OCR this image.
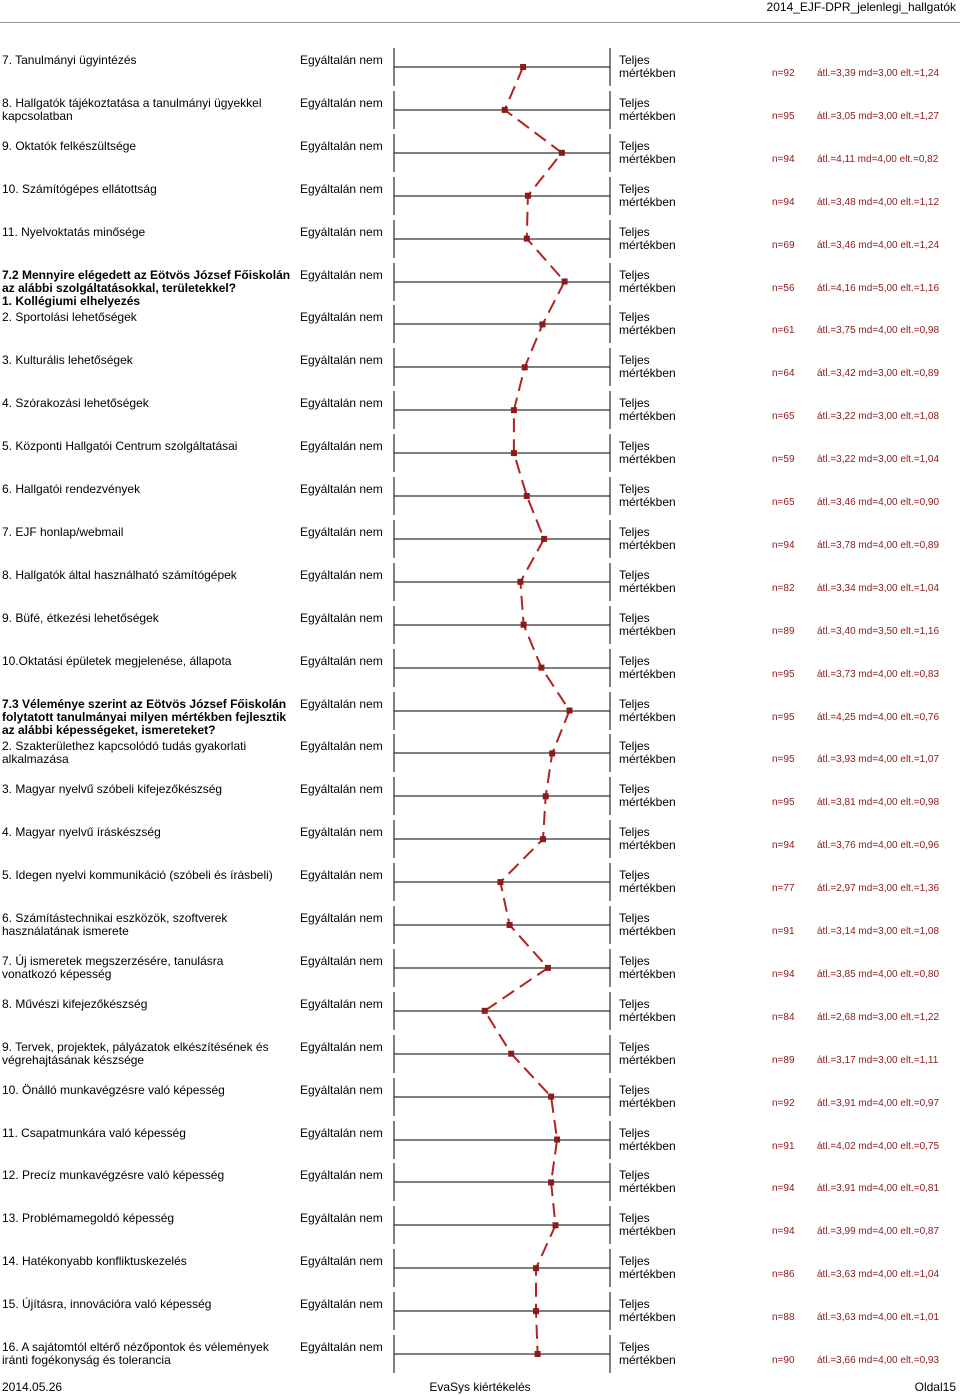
2014_EJF-DPR_jelenlegi_hallgatók
7. Tanulmányi ügyintézés	Egyáltalán nem	Teljes
mértékben	n=92 átl.=3,39 md=3,00 elt.=1,24
8. Hallgatók tájékoztatása a tanulmányi ügyekkel
kapcsolatban
Egyáltalán nem	Teljes
mértékben	n=95 átl.=3,05 md=3,00 elt.=1,27
9. Oktatók felkészültsége	Egyáltalán nem	Teljes
mértékben	n=94 átl.=4,11 md=4,00 elt.=0,82
10. Számítógépes ellátottság	Egyáltalán nem	Teljes
mértékben	n=94 átl.=3,48 md=4,00 elt.=1,12
11. Nyelvoktatás minősége	Egyáltalán nem	Teljes
mértékben	n=69 átl.=3,46 md=4,00 elt.=1,24
7.2 Mennyire elégedett az Eötvös József Főiskolán
az alábbi szolgáltatásokkal, területekkel?
1. Kollégiumi elhelyezés
Egyáltalán nem	Teljes
mértékben	n=56 átl.=4,16 md=5,00 elt.=1,16
2. Sportolási lehetőségek	Egyáltalán nem	Teljes
mértékben	n=61 átl.=3,75 md=4,00 elt.=0,98
3. Kulturális lehetőségek	Egyáltalán nem	Teljes
mértékben	n=64 átl.=3,42 md=3,00 elt.=0,89
4. Szórakozási lehetőségek	Egyáltalán nem	Teljes
mértékben	n=65 átl.=3,22 md=3,00 elt.=1,08
5. Központi Hallgatói Centrum szolgáltatásai	Egyáltalán nem	Teljes
mértékben	n=59 átl.=3,22 md=3,00 elt.=1,04
6. Hallgatói rendezvények	Egyáltalán nem	Teljes
mértékben	n=65 átl.=3,46 md=4,00 elt.=0,90
7. EJF honlap/webmail	Egyáltalán nem	Teljes
mértékben	n=94 átl.=3,78 md=4,00 elt.=0,89
8. Hallgatók által használható számítógépek	Egyáltalán nem	Teljes
mértékben	n=82 átl.=3,34 md=3,00 elt.=1,04
9. Büfé, étkezési lehetőségek	Egyáltalán nem	Teljes
mértékben	n=89 átl.=3,40 md=3,50 elt.=1,16
10.Oktatási épületek megjelenése, állapota	Egyáltalán nem	Teljes
mértékben	n=95 átl.=3,73 md=4,00 elt.=0,83
7.3 Véleménye szerint az Eötvös József Főiskolán
folytatott tanulmányai milyen mértékben fejlesztik
az alábbi képességeket, ismereteket?
Egyáltalán nem	Teljes
mértékben	n=95 átl.=4,25 md=4,00 elt.=0,76
2. Szakterülethez kapcsolódó tudás gyakorlati
alkalmazása
Egyáltalán nem	Teljes
mértékben	n=95 átl.=3,93 md=4,00 elt.=1,07
3. Magyar nyelvű szóbeli kifejezőkészség	Egyáltalán nem	Teljes
mértékben	n=95 átl.=3,81 md=4,00 elt.=0,98
4. Magyar nyelvű íráskészség	Egyáltalán nem	Teljes
mértékben	n=94 átl.=3,76 md=4,00 elt.=0,96
5. Idegen nyelvi kommunikáció (szóbeli és írásbeli)	Egyáltalán nem	Teljes
mértékben	n=77 átl.=2,97 md=3,00 elt.=1,36
6. Számítástechnikai eszközök, szoftverek
használatának ismerete
Egyáltalán nem	Teljes
mértékben	n=91 átl.=3,14 md=3,00 elt.=1,08
7. Új ismeretek megszerzésére, tanulásra
vonatkozó képesség
Egyáltalán nem	Teljes
mértékben	n=94 átl.=3,85 md=4,00 elt.=0,80
8. Művészi kifejezőkészség	Egyáltalán nem	Teljes
mértékben	n=84 átl.=2,68 md=3,00 elt.=1,22
9. Tervek, projektek, pályázatok elkészítésének és
végrehajtásának készsége
Egyáltalán nem	Teljes
mértékben	n=89 átl.=3,17 md=3,00 elt.=1,11
10. Önálló munkavégzésre való képesség	Egyáltalán nem	Teljes
mértékben	n=92 átl.=3,91 md=4,00 elt.=0,97
11. Csapatmunkára való képesség	Egyáltalán nem	Teljes
mértékben	n=91 átl.=4,02 md=4,00 elt.=0,75
12. Precíz munkavégzésre való képesség	Egyáltalán nem	Teljes
mértékben	n=94 átl.=3,91 md=4,00 elt.=0,81
13. Problémamegoldó képesség	Egyáltalán nem	Teljes
mértékben	n=94 átl.=3,99 md=4,00 elt.=0,87
14. Hatékonyabb konfliktuskezelés	Egyáltalán nem	Teljes
mértékben	n=86 átl.=3,63 md=4,00 elt.=1,04
15. Újításra, innovációra való képesség	Egyáltalán nem	Teljes
mértékben	n=88 átl.=3,63 md=4,00 elt.=1,01
16. A sajátomtól eltérő nézőpontok és vélemények
iránti fogékonyság és tolerancia
Egyáltalán nem	Teljes
mértékben	n=90 átl.=3,66 md=4,00 elt.=0,93
2014.05.26	EvaSys kiértékelés	Oldal15
